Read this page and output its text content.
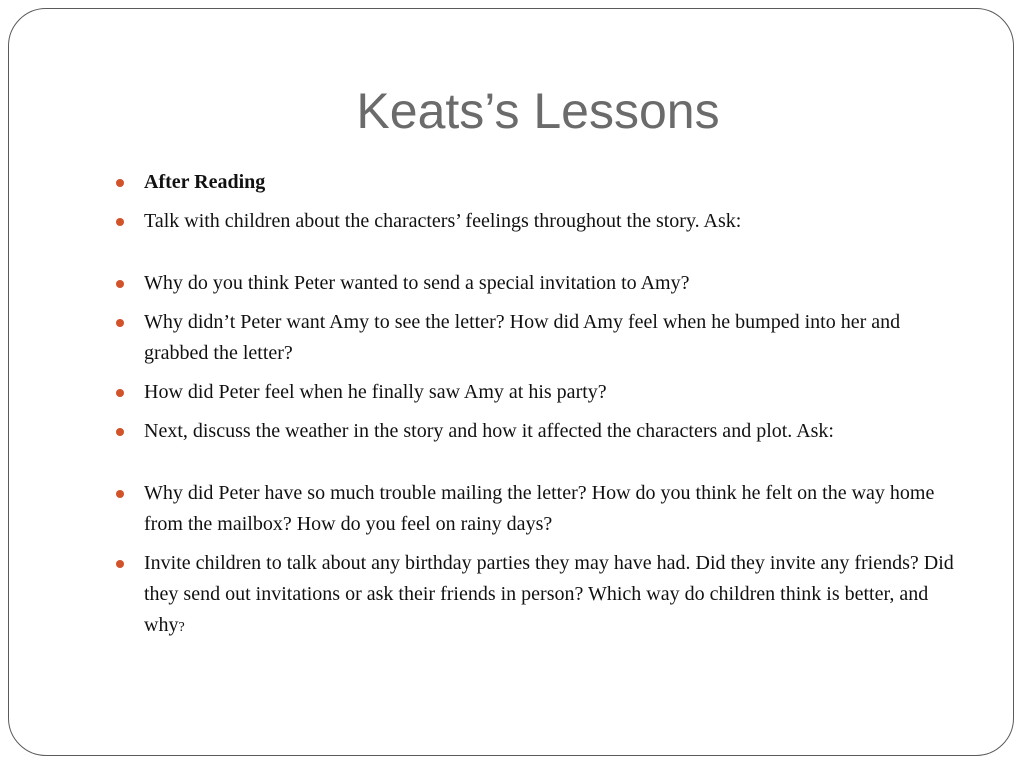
Keats’s Lessons
After Reading
Talk with children about the characters’ feelings throughout the story. Ask:
Why do you think Peter wanted to send a special invitation to Amy?
Why didn’t Peter want Amy to see the letter? How did Amy feel when he bumped into her and grabbed the letter?
How did Peter feel when he finally saw Amy at his party?
Next, discuss the weather in the story and how it affected the characters and plot. Ask:
Why did Peter have so much trouble mailing the letter? How do you think he felt on the way home from the mailbox? How do you feel on rainy days?
Invite children to talk about any birthday parties they may have had. Did they invite any friends? Did they send out invitations or ask their friends in person? Which way do children think is better, and why?
